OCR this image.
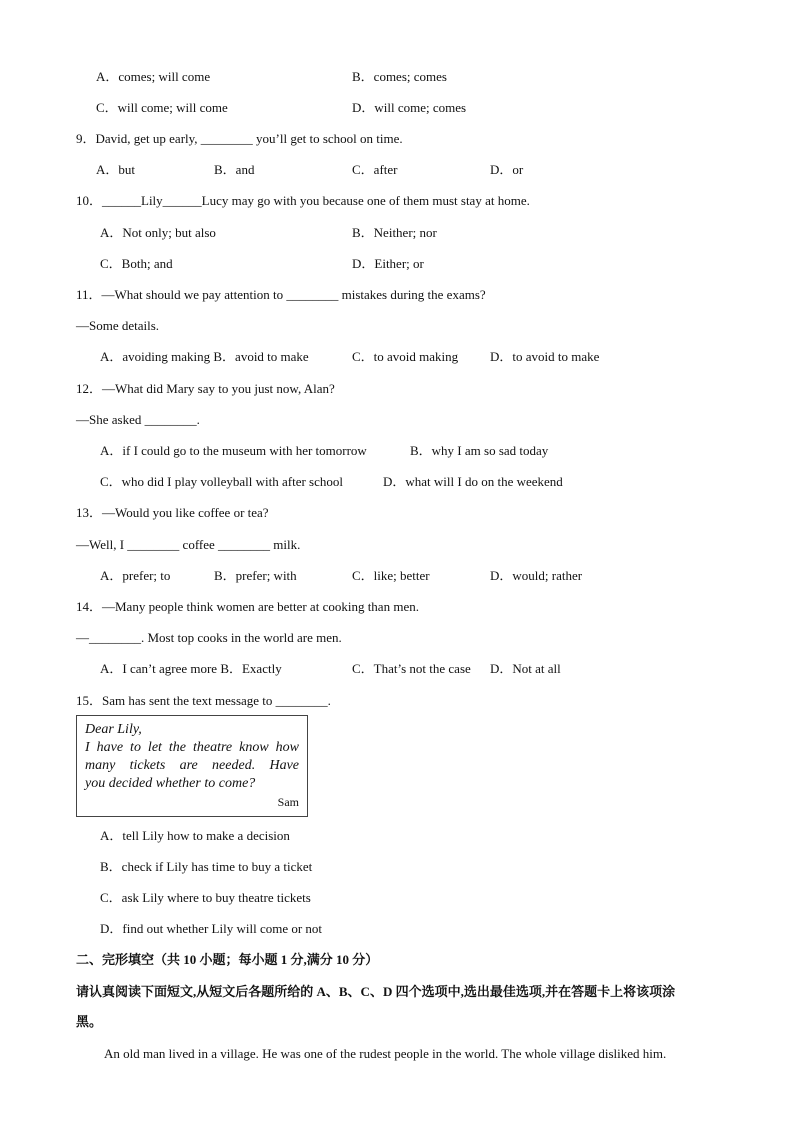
A．comes; will come	B．comes; comes
C．will come; will come	D．will come; comes
9．David, get up early, ________ you’ll get to school on time.
A．but	B．and	C．after	D．or
10．______Lily______Lucy may go with you because one of them must stay at home.
A．Not only; but also	B．Neither; nor
C．Both; and	D．Either; or
11．—What should we pay attention to ________ mistakes during the exams?
—Some details.
A．avoiding making B．avoid to make	C．to avoid making D．to avoid to make
12．—What did Mary say to you just now, Alan?
—She asked ________.
A．if I could go to the museum with her tomorrow	B．why I am so sad today
C．who did I play volleyball with after school	D．what will I do on the weekend
13．—Would you like coffee or tea?
—Well, I ________ coffee ________ milk.
A．prefer; to	B．prefer; with	C．like; better	D．would; rather
14．—Many people think women are better at cooking than men.
—________. Most top cooks in the world are men.
A．I can’t agree more B．Exactly	C．That’s not the case D．Not at all
15．Sam has sent the text message to ________.
A．tell Lily how to make a decision
B．check if Lily has time to buy a ticket
C．ask Lily where to buy theatre tickets
D．find out whether Lily will come or not
二、完形填空（共 10 小题；每小题 1 分,满分 10 分）
请认真阅读下面短文,从短文后各题所给的 A、B、C、D 四个选项中,选出最佳选项,并在答题卡上将该项涂
黑。
An old man lived in a village. He was one of the rudest people in the world. The whole village disliked him.
Dear Lily,
I have to let the theatre know how
many tickets are needed. Have
you decided whether to come?
Sam
